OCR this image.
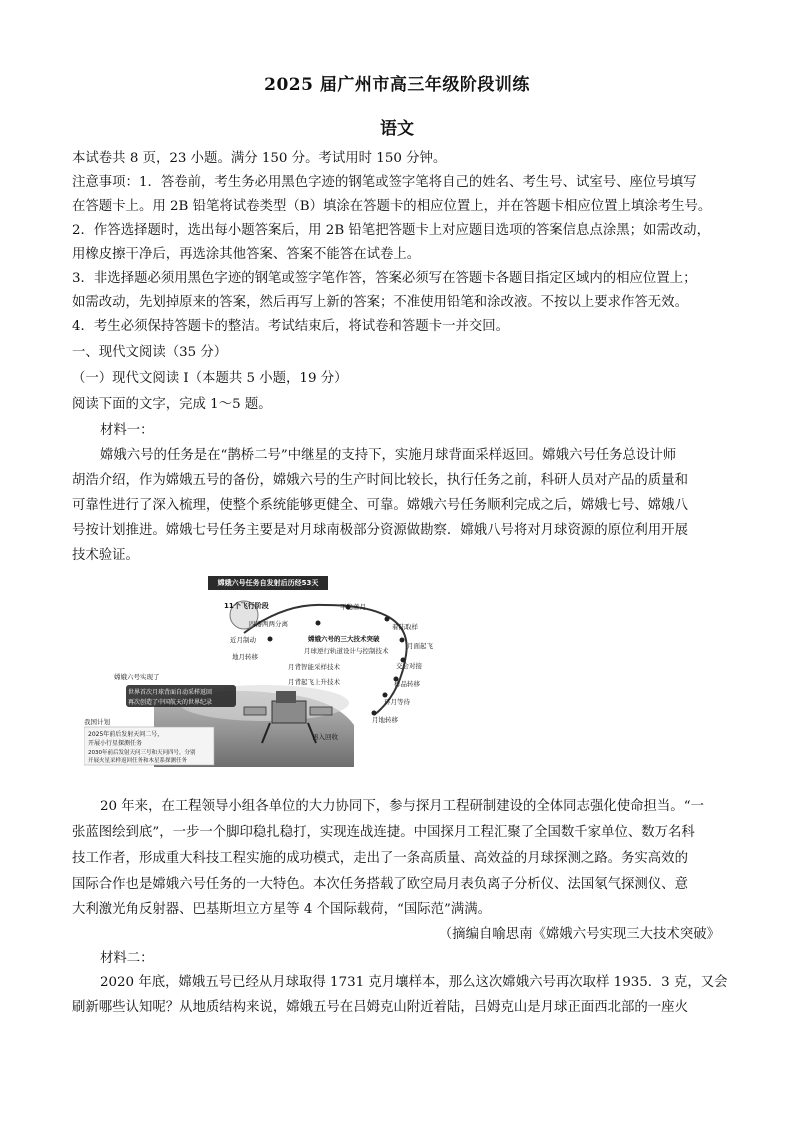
2025 届广州市高三年级阶段训练
语文
本试卷共 8 页，23 小题。满分 150 分。考试用时 150 分钟。
注意事项：1．答卷前，考生务必用黑色字迹的钢笔或签字笔将自己的姓名、考生号、试室号、座位号填写
在答题卡上。用 2B 铅笔将试卷类型（B）填涂在答题卡的相应位置上，并在答题卡相应位置上填涂考生号。
2．作答选择题时，选出每小题答案后，用 2B 铅笔把答题卡上对应题目选项的答案信息点涂黑；如需改动，
用橡皮擦干净后，再选涂其他答案、答案不能答在试卷上。
3．非选择题必须用黑色字迹的钢笔或签字笔作答，答案必须写在答题卡各题目指定区域内的相应位置上；
如需改动，先划掉原来的答案，然后再写上新的答案；不准使用铅笔和涂改液。不按以上要求作答无效。
4．考生必须保持答题卡的整洁。考试结束后，将试卷和答题卡一并交回。
一、现代文阅读（35 分）
（一）现代文阅读 I（本题共 5 小题，19 分）
阅读下面的文字，完成 1～5 题。
材料一：
嫦娥六号的任务是在“鹊桥二号”中继星的支持下，实施月球背面采样返回。嫦娥六号任务总设计师
胡浩介绍，作为嫦娥五号的备份，嫦娥六号的生产时间比较长，执行任务之前，科研人员对产品的质量和
可靠性进行了深入梳理，使整个系统能够更健全、可靠。嫦娥六号任务顺利完成之后，嫦娥七号、嫦娥八
号按计划推进。嫦娥七号任务主要是对月球南极部分资源做勘察．嫦娥八号将对月球资源的原位利用开展
技术验证。
嫦娥六号任务自发射后历经53天
11个飞行阶段	平稳落月
四器两两分离
近月制动
地月转移
着陆取样
月面起飞
交会对接
样品转移
环月等待
月地转移
再入回收
嫦娥六号的三大技术突破
月球逆行轨道设计与控制技术
月背智能采样技术
月背起飞上升技术
嫦娥六号实现了
世界首次月球背面自动采样返回
再次创造了中国航天的世界纪录
我国计划
2025年前后发射天问二号，
开展小行星探测任务
2030年前后发射天问三号和天问四号，分别
开展火星采样返回任务和木星系探测任务
20 年来，在工程领导小组各单位的大力协同下，参与探月工程研制建设的全体同志强化使命担当。“一
张蓝图绘到底”，一步一个脚印稳扎稳打，实现连战连捷。中国探月工程汇聚了全国数千家单位、数万名科
技工作者，形成重大科技工程实施的成功模式，走出了一条高质量、高效益的月球探测之路。务实高效的
国际合作也是嫦娥六号任务的一大特色。本次任务搭载了欧空局月表负离子分析仪、法国氡气探测仪、意
大利激光角反射器、巴基斯坦立方星等 4 个国际载荷，“国际范”满满。
（摘编自喻思南《嫦娥六号实现三大技术突破》
材料二：
2020 年底，嫦娥五号已经从月球取得 1731 克月壤样本，那么这次嫦娥六号再次取样 1935．3 克，又会
刷新哪些认知呢？从地质结构来说，嫦娥五号在吕姆克山附近着陆，吕姆克山是月球正面西北部的一座火
